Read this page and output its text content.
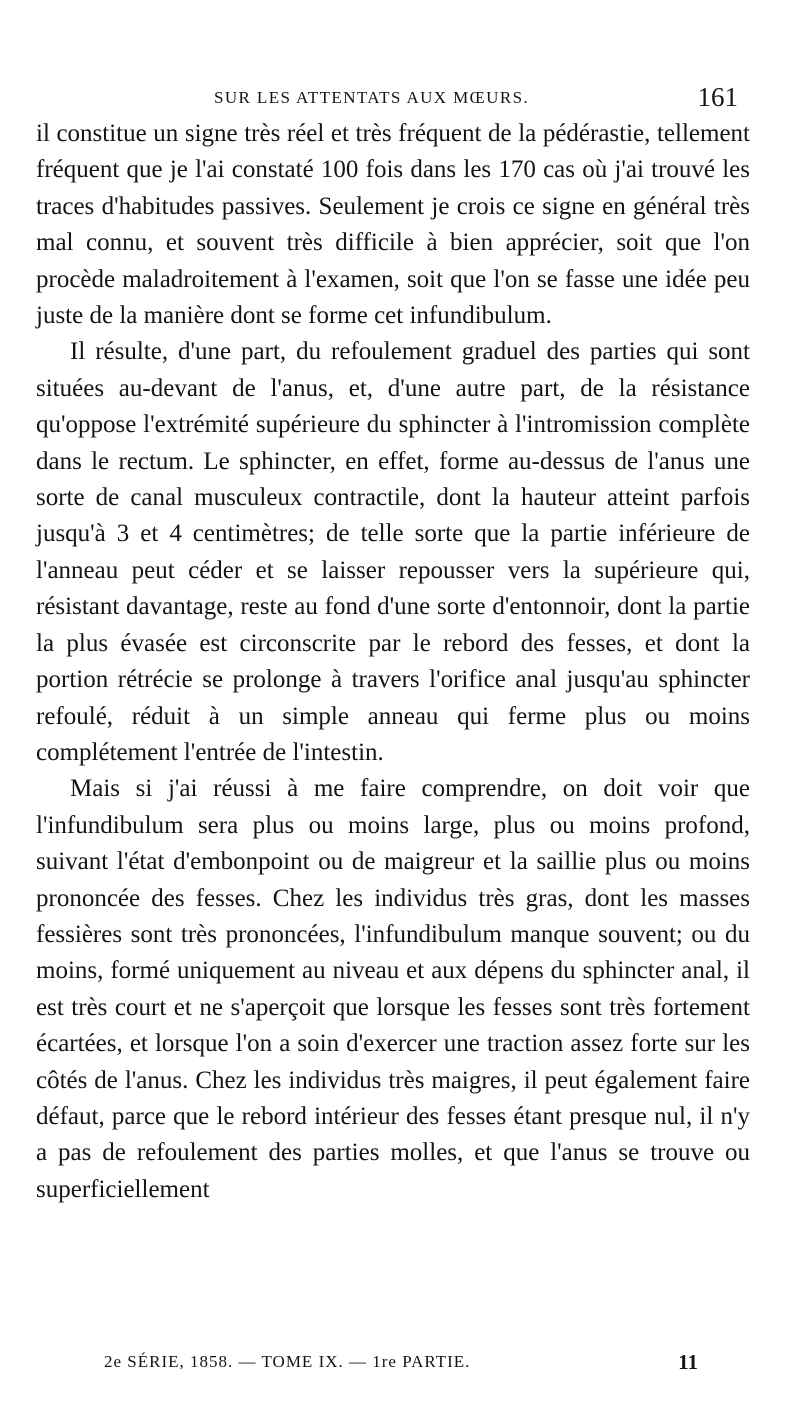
SUR LES ATTENTATS AUX MŒURS.	161

il constitue un signe très réel et très fréquent de la pédérastie, tellement fréquent que je l'ai constaté 100 fois dans les 170 cas où j'ai trouvé les traces d'habitudes passives. Seulement je crois ce signe en général très mal connu, et souvent très difficile à bien apprécier, soit que l'on procède maladroitement à l'examen, soit que l'on se fasse une idée peu juste de la manière dont se forme cet infundibulum.

Il résulte, d'une part, du refoulement graduel des parties qui sont situées au-devant de l'anus, et, d'une autre part, de la résistance qu'oppose l'extrémité supérieure du sphincter à l'intromission complète dans le rectum. Le sphincter, en effet, forme au-dessus de l'anus une sorte de canal musculeux contractile, dont la hauteur atteint parfois jusqu'à 3 et 4 centimètres; de telle sorte que la partie inférieure de l'anneau peut céder et se laisser repousser vers la supérieure qui, résistant davantage, reste au fond d'une sorte d'entonnoir, dont la partie la plus évasée est circonscrite par le rebord des fesses, et dont la portion rétrécie se prolonge à travers l'orifice anal jusqu'au sphincter refoulé, réduit à un simple anneau qui ferme plus ou moins complétement l'entrée de l'intestin.

Mais si j'ai réussi à me faire comprendre, on doit voir que l'infundibulum sera plus ou moins large, plus ou moins profond, suivant l'état d'embonpoint ou de maigreur et la saillie plus ou moins prononcée des fesses. Chez les individus très gras, dont les masses fessières sont très prononcées, l'infundibulum manque souvent; ou du moins, formé uniquement au niveau et aux dépens du sphincter anal, il est très court et ne s'aperçoit que lorsque les fesses sont très fortement écartées, et lorsque l'on a soin d'exercer une traction assez forte sur les côtés de l'anus. Chez les individus très maigres, il peut également faire défaut, parce que le rebord intérieur des fesses étant presque nul, il n'y a pas de refoulement des parties molles, et que l'anus se trouve ou superficiellement

2e SÉRIE, 1858. — TOME IX. — 1re PARTIE.	11
